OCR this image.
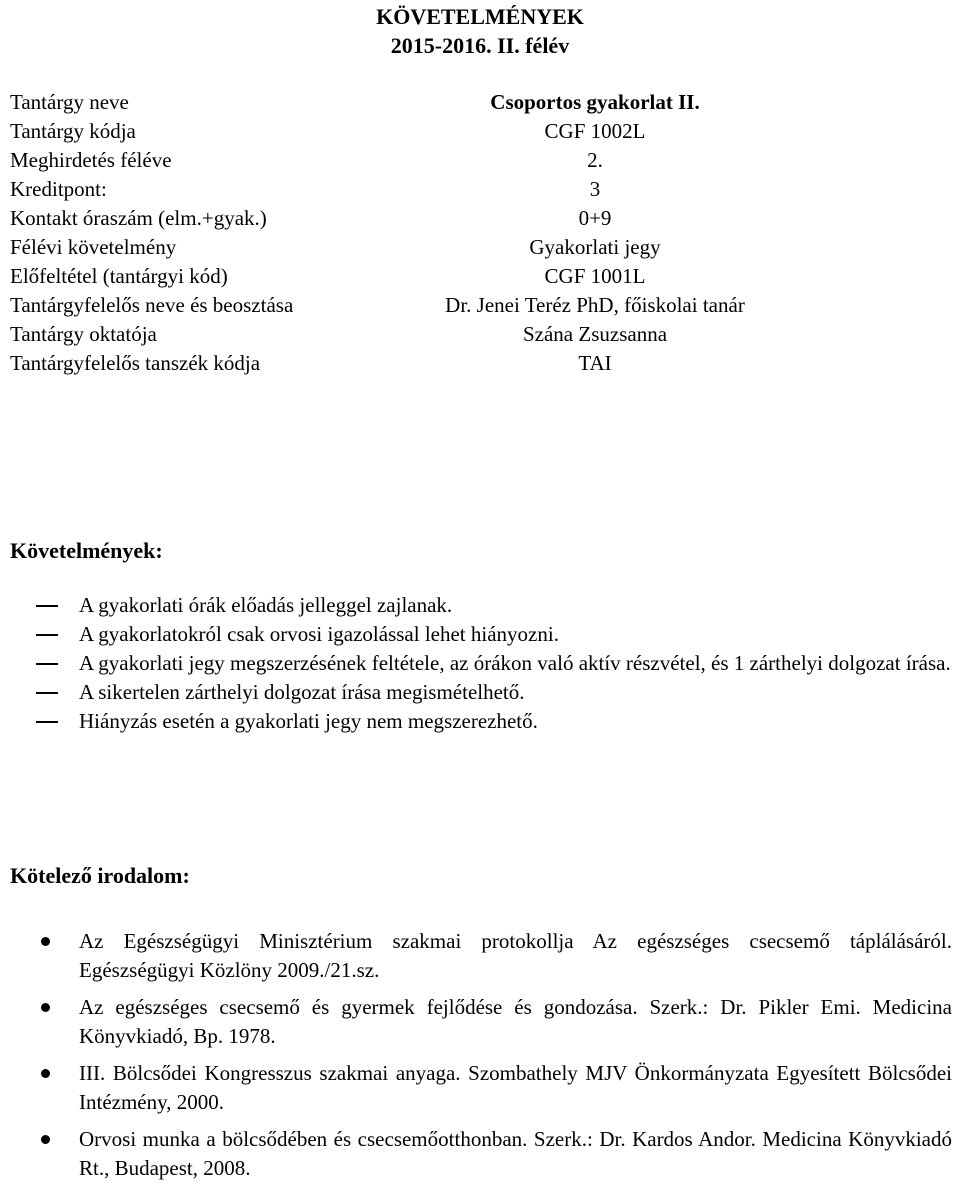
KÖVETELMÉNYEK
2015-2016. II. félév
Tantárgy neve	Csoportos gyakorlat II.
Tantárgy kódja	CGF 1002L
Meghirdetés féléve	2.
Kreditpont:	3
Kontakt óraszám (elm.+gyak.)	0+9
Félévi követelmény	Gyakorlati jegy
Előfeltétel (tantárgyi kód)	CGF 1001L
Tantárgyfelelős neve és beosztása	Dr. Jenei Teréz PhD, főiskolai tanár
Tantárgy oktatója	Szána Zsuzsanna
Tantárgyfelelős tanszék kódja	TAI
Követelmények:
A gyakorlati órák előadás jelleggel zajlanak.
A gyakorlatokról csak orvosi igazolással lehet hiányozni.
A gyakorlati jegy megszerzésének feltétele, az órákon való aktív részvétel, és 1 zárthelyi dolgozat írása.
A sikertelen zárthelyi dolgozat írása megismételhető.
Hiányzás esetén a gyakorlati jegy nem megszerezhető.
Kötelező irodalom:
Az Egészségügyi Minisztérium szakmai protokollja Az egészséges csecsemő táplálásáról. Egészségügyi Közlöny 2009./21.sz.
Az egészséges csecsemő és gyermek fejlődése és gondozása. Szerk.: Dr. Pikler Emi. Medicina Könyvkiadó, Bp. 1978.
III. Bölcsődei Kongresszus szakmai anyaga. Szombathely MJV Önkormányzata Egyesített Bölcsődei Intézmény, 2000.
Orvosi munka a bölcsődében és csecsemőotthonban. Szerk.: Dr. Kardos Andor. Medicina Könyvkiadó Rt., Budapest, 2008.
